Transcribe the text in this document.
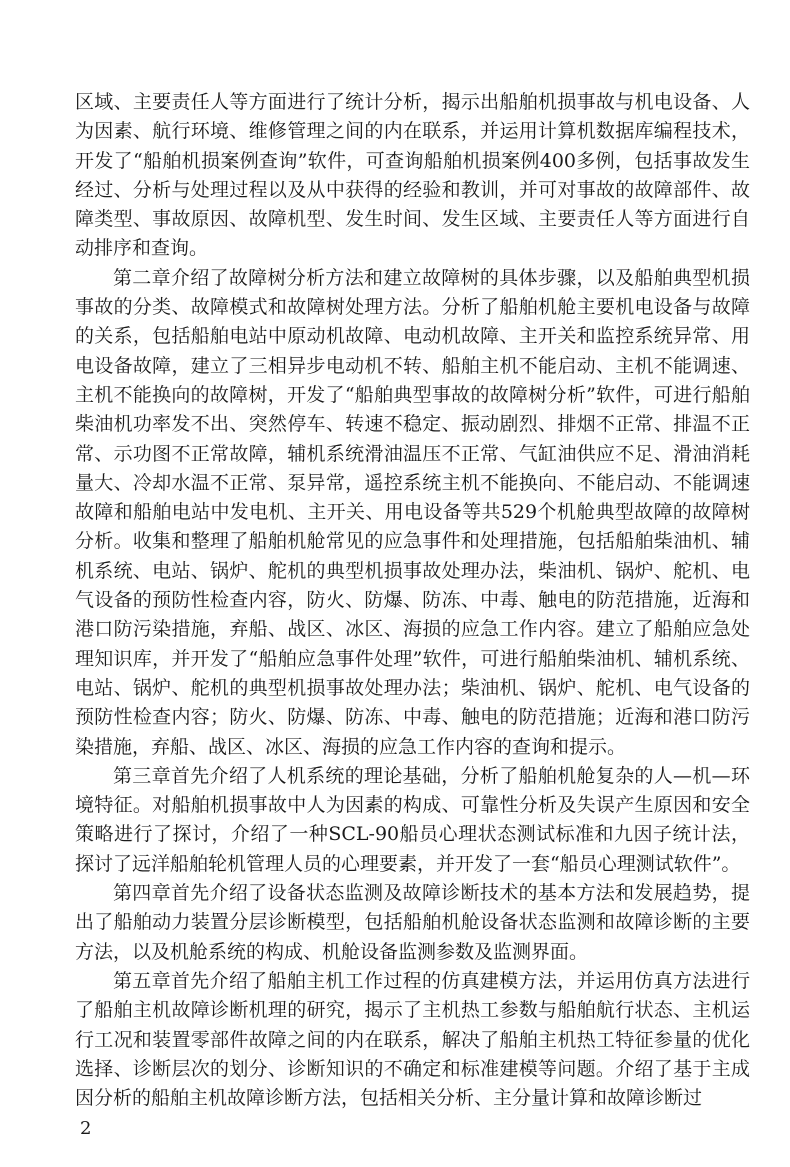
区域、主要责任人等方面进行了统计分析，揭示出船舶机损事故与机电设备、人为因素、航行环境、维修管理之间的内在联系，并运用计算机数据库编程技术，开发了“船舶机损案例查询”软件，可查询船舶机损案例400多例，包括事故发生经过、分析与处理过程以及从中获得的经验和教训，并可对事故的故障部件、故障类型、事故原因、故障机型、发生时间、发生区域、主要责任人等方面进行自动排序和查询。

第二章介绍了故障树分析方法和建立故障树的具体步骤，以及船舶典型机损事故的分类、故障模式和故障树处理方法。分析了船舶机舱主要机电设备与故障的关系，包括船舶电站中原动机故障、电动机故障、主开关和监控系统异常、用电设备故障，建立了三相异步电动机不转、船舶主机不能启动、主机不能调速、主机不能换向的故障树，开发了“船舶典型事故的故障树分析”软件，可进行船舶柴油机功率发不出、突然停车、转速不稳定、振动剧烈、排烟不正常、排温不正常、示功图不正常故障，辅机系统滑油温压不正常、气缸油供应不足、滑油消耗量大、冷却水温不正常、泵异常，遥控系统主机不能换向、不能启动、不能调速故障和船舶电站中发电机、主开关、用电设备等共529个机舱典型故障的故障树分析。收集和整理了船舶机舱常见的应急事件和处理措施，包括船舶柴油机、辅机系统、电站、锅炉、舵机的典型机损事故处理办法，柴油机、锅炉、舵机、电气设备的预防性检查内容，防火、防爆、防冻、中毒、触电的防范措施，近海和港口防污染措施，弃船、战区、冰区、海损的应急工作内容。建立了船舶应急处理知识库，并开发了“船舶应急事件处理”软件，可进行船舶柴油机、辅机系统、电站、锅炉、舵机的典型机损事故处理办法；柴油机、锅炉、舵机、电气设备的预防性检查内容；防火、防爆、防冻、中毒、触电的防范措施；近海和港口防污染措施，弃船、战区、冰区、海损的应急工作内容的查询和提示。

第三章首先介绍了人机系统的理论基础，分析了船舶机舱复杂的人—机—环境特征。对船舶机损事故中人为因素的构成、可靠性分析及失误产生原因和安全策略进行了探讨，介绍了一种SCL-90船员心理状态测试标准和九因子统计法，探讨了远洋船舶轮机管理人员的心理要素，并开发了一套“船员心理测试软件”。

第四章首先介绍了设备状态监测及故障诊断技术的基本方法和发展趋势，提出了船舶动力装置分层诊断模型，包括船舶机舱设备状态监测和故障诊断的主要方法，以及机舱系统的构成、机舱设备监测参数及监测界面。

第五章首先介绍了船舶主机工作过程的仿真建模方法，并运用仿真方法进行了船舶主机故障诊断机理的研究，揭示了主机热工参数与船舶航行状态、主机运行工况和装置零部件故障之间的内在联系，解决了船舶主机热工特征参量的优化选择、诊断层次的划分、诊断知识的不确定和标准建模等问题。介绍了基于主成因分析的船舶主机故障诊断方法，包括相关分析、主分量计算和故障诊断过

2
